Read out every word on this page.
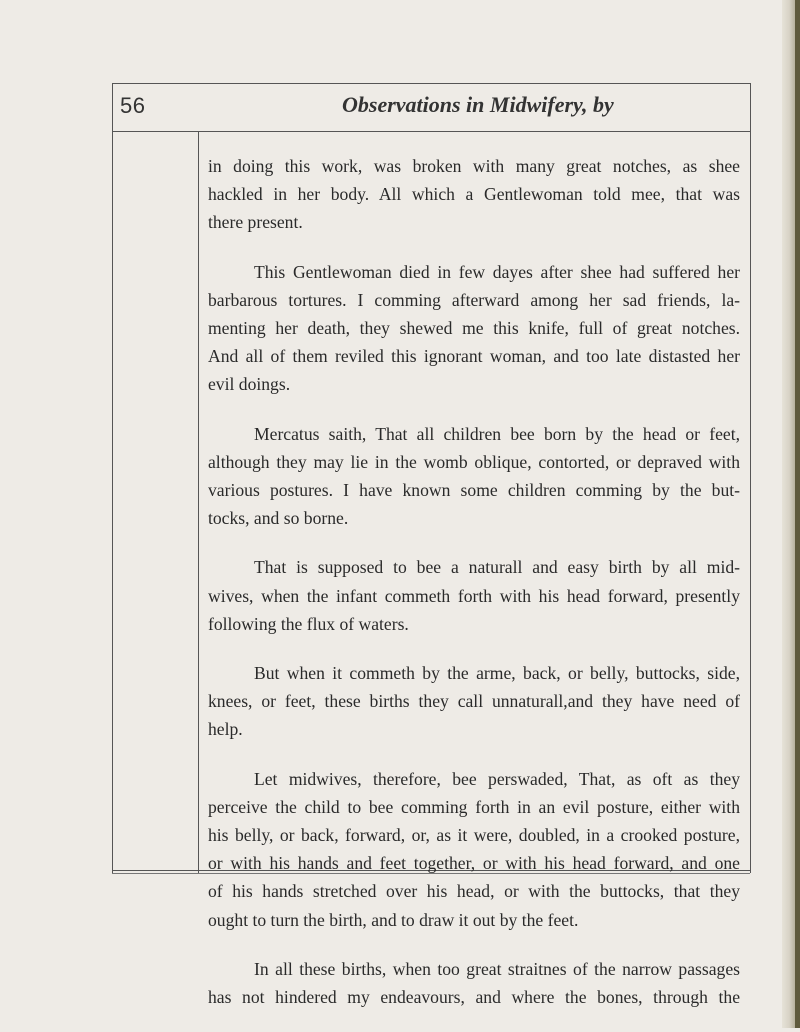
56	Observations in Midwifery, by
in doing this work, was broken with many great notches, as shee
hackled in her body. All which a Gentlewoman told mee, that was
there present.
This Gentlewoman died in few dayes after shee had suffered her
barbarous tortures. I comming afterward among her sad friends, la-
menting her death, they shewed me this knife, full of great notches.
And all of them reviled this ignorant woman, and too late distasted her
evil doings.
Mercatus saith, That all children bee born by the head or feet,
although they may lie in the womb oblique, contorted, or depraved with
various postures. I have known some children comming by the but-
tocks, and so borne.
That is supposed to bee a naturall and easy birth by all mid-
wives, when the infant commeth forth with his head forward, presently
following the flux of waters.
But when it commeth by the arme, back, or belly, buttocks, side,
knees, or feet, these births they call unnaturall,and they have need of
help.
Let midwives, therefore, bee perswaded, That, as oft as they
perceive the child to bee comming forth in an evil posture, either with
his belly, or back, forward, or, as it were, doubled, in a crooked posture,
or with his hands and feet together, or with his head forward, and one
of his hands stretched over his head, or with the buttocks, that they
ought to turn the birth, and to draw it out by the feet.
In all these births, when too great straitnes of the narrow passages
has not hindered my endeavours, and where the bones, through the
